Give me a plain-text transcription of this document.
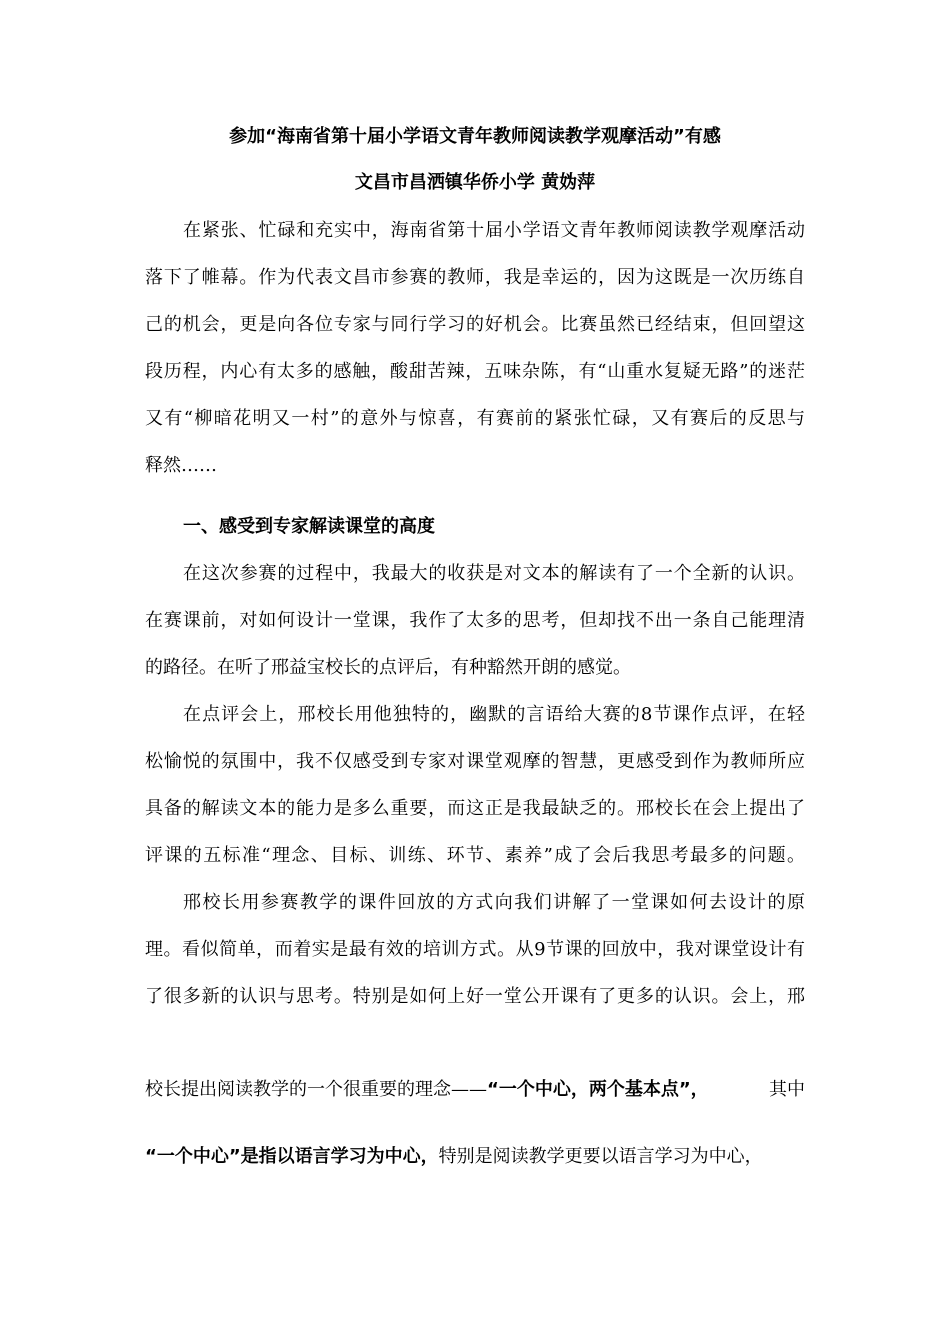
参加“海南省第十届小学语文青年教师阅读教学观摩活动”有感
文昌市昌洒镇华侨小学 黄妫萍
在紧张、忙碌和充实中，海南省第十届小学语文青年教师阅读教学观摩活动
落下了帷幕。作为代表文昌市参赛的教师，我是幸运的，因为这既是一次历练自
己的机会，更是向各位专家与同行学习的好机会。比赛虽然已经结束，但回望这
段历程，内心有太多的感触，酸甜苦辣，五味杂陈，有“山重水复疑无路”的迷茫
又有“柳暗花明又一村”的意外与惊喜，有赛前的紧张忙碌，又有赛后的反思与
释然……
一、感受到专家解读课堂的高度
在这次参赛的过程中，我最大的收获是对文本的解读有了一个全新的认识。
在赛课前，对如何设计一堂课，我作了太多的思考，但却找不出一条自己能理清
的路径。在听了邢益宝校长的点评后，有种豁然开朗的感觉。
在点评会上，邢校长用他独特的，幽默的言语给大赛的8节课作点评，在轻
松愉悦的氛围中，我不仅感受到专家对课堂观摩的智慧，更感受到作为教师所应
具备的解读文本的能力是多么重要，而这正是我最缺乏的。邢校长在会上提出了
评课的五标准“理念、目标、训练、环节、素养”成了会后我思考最多的问题。
邢校长用参赛教学的课件回放的方式向我们讲解了一堂课如何去设计的原
理。看似简单，而着实是最有效的培训方式。从9节课的回放中，我对课堂设计有
了很多新的认识与思考。特别是如何上好一堂公开课有了更多的认识。会上，邢
校长提出阅读教学的一个很重要的理念——“一个中心，两个基本点”，	其中
“一个中心”是指以语言学习为中心，特别是阅读教学更要以语言学习为中心，
